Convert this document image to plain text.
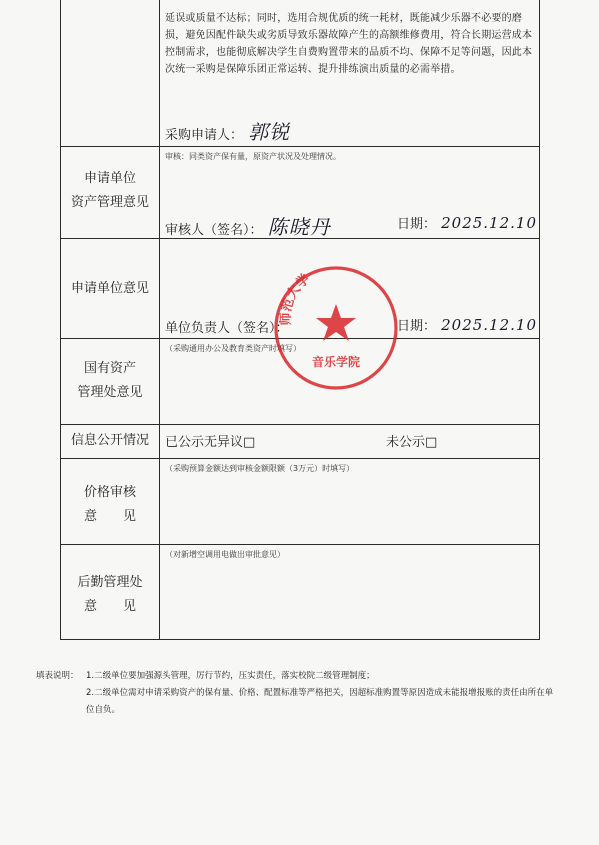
延误或质量不达标；同时，选用合规优质的统一耗材，既能减少乐器不必要的磨损，避免因配件缺失或劣质导致乐器故障产生的高额维修费用，符合长期运营成本控制需求，也能彻底解决学生自费购置带来的品质不均、保障不足等问题，因此本次统一采购是保障乐团正常运转、提升排练演出质量的必需举措。
采购申请人： 郭锐
申请单位
资产管理意见
审核：同类资产保有量，原资产状况及处理情况。
审核人（签名）： 陈晓丹	日期： 2025.12.10
申请单位意见
单位负责人（签名）：	日期： 2025.12.10
国有资产
管理处意见
（采购通用办公及教育类资产时填写）
信息公开情况	已公示无异议□	未公示□
价格审核
意　　见
（采购预算金额达到审核金额限额（3万元）时填写）
后勤管理处
意　　见
（对新增空调用电做出审批意见）
师范大学
音乐学院
填表说明： 1.二级单位要加强源头管理，厉行节约，压实责任，落实校院二级管理制度；
2.二级单位需对申请采购资产的保有量、价格、配置标准等严格把关，因超标准购置等原因造成未能报增报账的责任由所在单位自负。
